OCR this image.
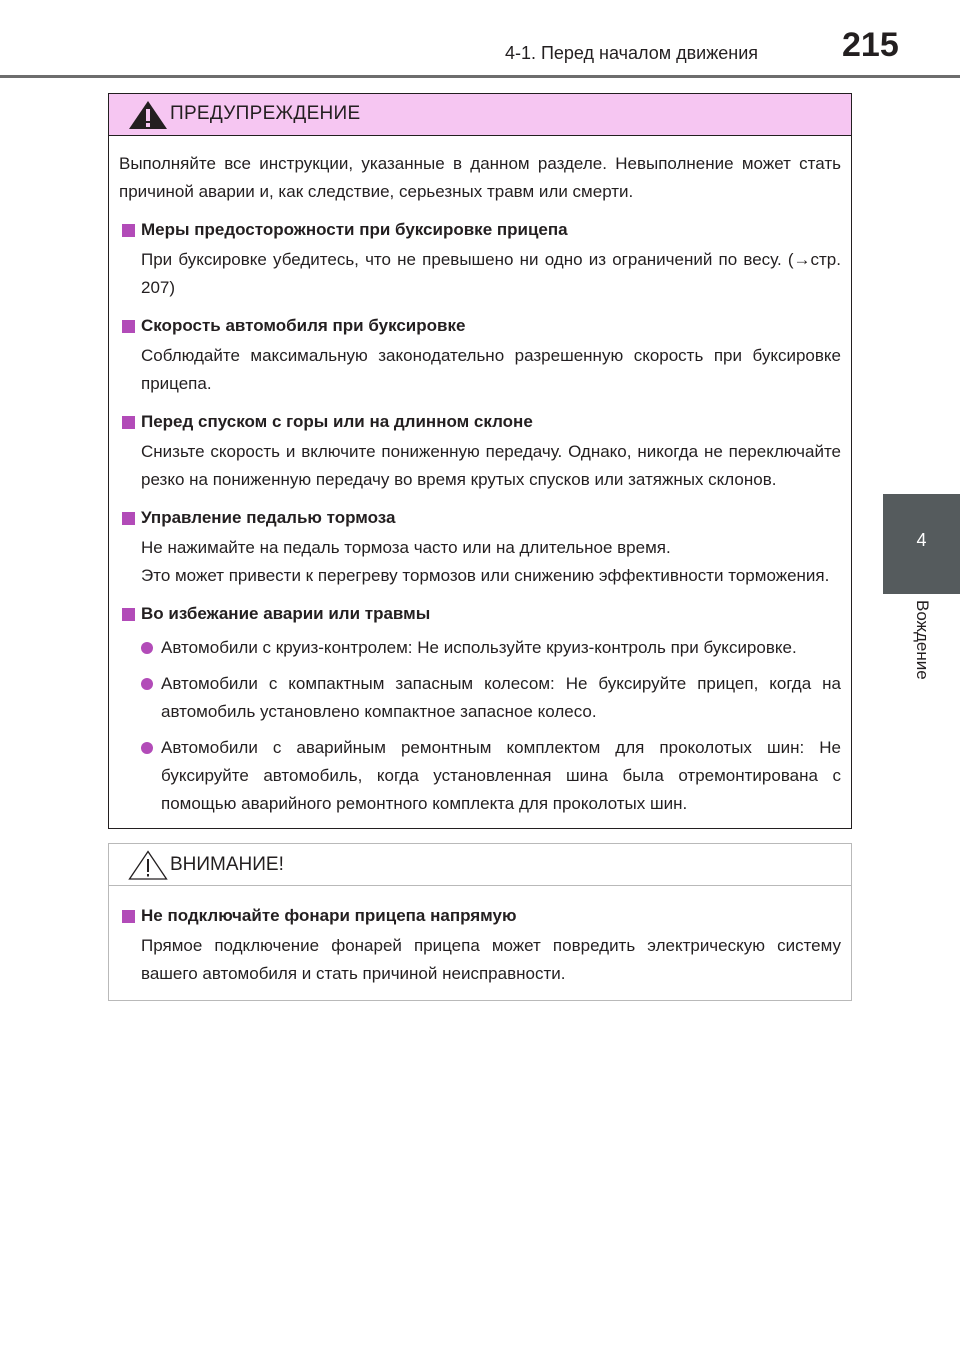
4-1. Перед началом движения 215
4
Вождение
ПРЕДУПРЕЖДЕНИЕ

Выполняйте все инструкции, указанные в данном разделе. Невыполнение может стать причиной аварии и, как следствие, серьезных травм или смерти.

Меры предосторожности при буксировке прицепа

При буксировке убедитесь, что не превышено ни одно из ограничений по весу. (→стр. 207)

Скорость автомобиля при буксировке

Соблюдайте максимальную законодательно разрешенную скорость при буксировке прицепа.

Перед спуском с горы или на длинном склоне

Снизьте скорость и включите пониженную передачу. Однако, никогда не переключайте резко на пониженную передачу во время крутых спусков или затяжных склонов.

Управление педалью тормоза

Не нажимайте на педаль тормоза часто или на длительное время.

Это может привести к перегреву тормозов или снижению эффективности торможения.

Во избежание аварии или травмы
Автомобили с круиз-контролем: Не используйте круиз-контроль при буксировке.
Автомобили с компактным запасным колесом: Не буксируйте прицеп, когда на автомобиль установлено компактное запасное колесо.
Автомобили с аварийным ремонтным комплектом для проколотых шин: Не буксируйте автомобиль, когда установленная шина была отремонтирована с помощью аварийного ремонтного комплекта для проколотых шин.
ВНИМАНИЕ!
Не подключайте фонари прицепа напрямую

Прямое подключение фонарей прицепа может повредить электрическую систему вашего автомобиля и стать причиной неисправности.
